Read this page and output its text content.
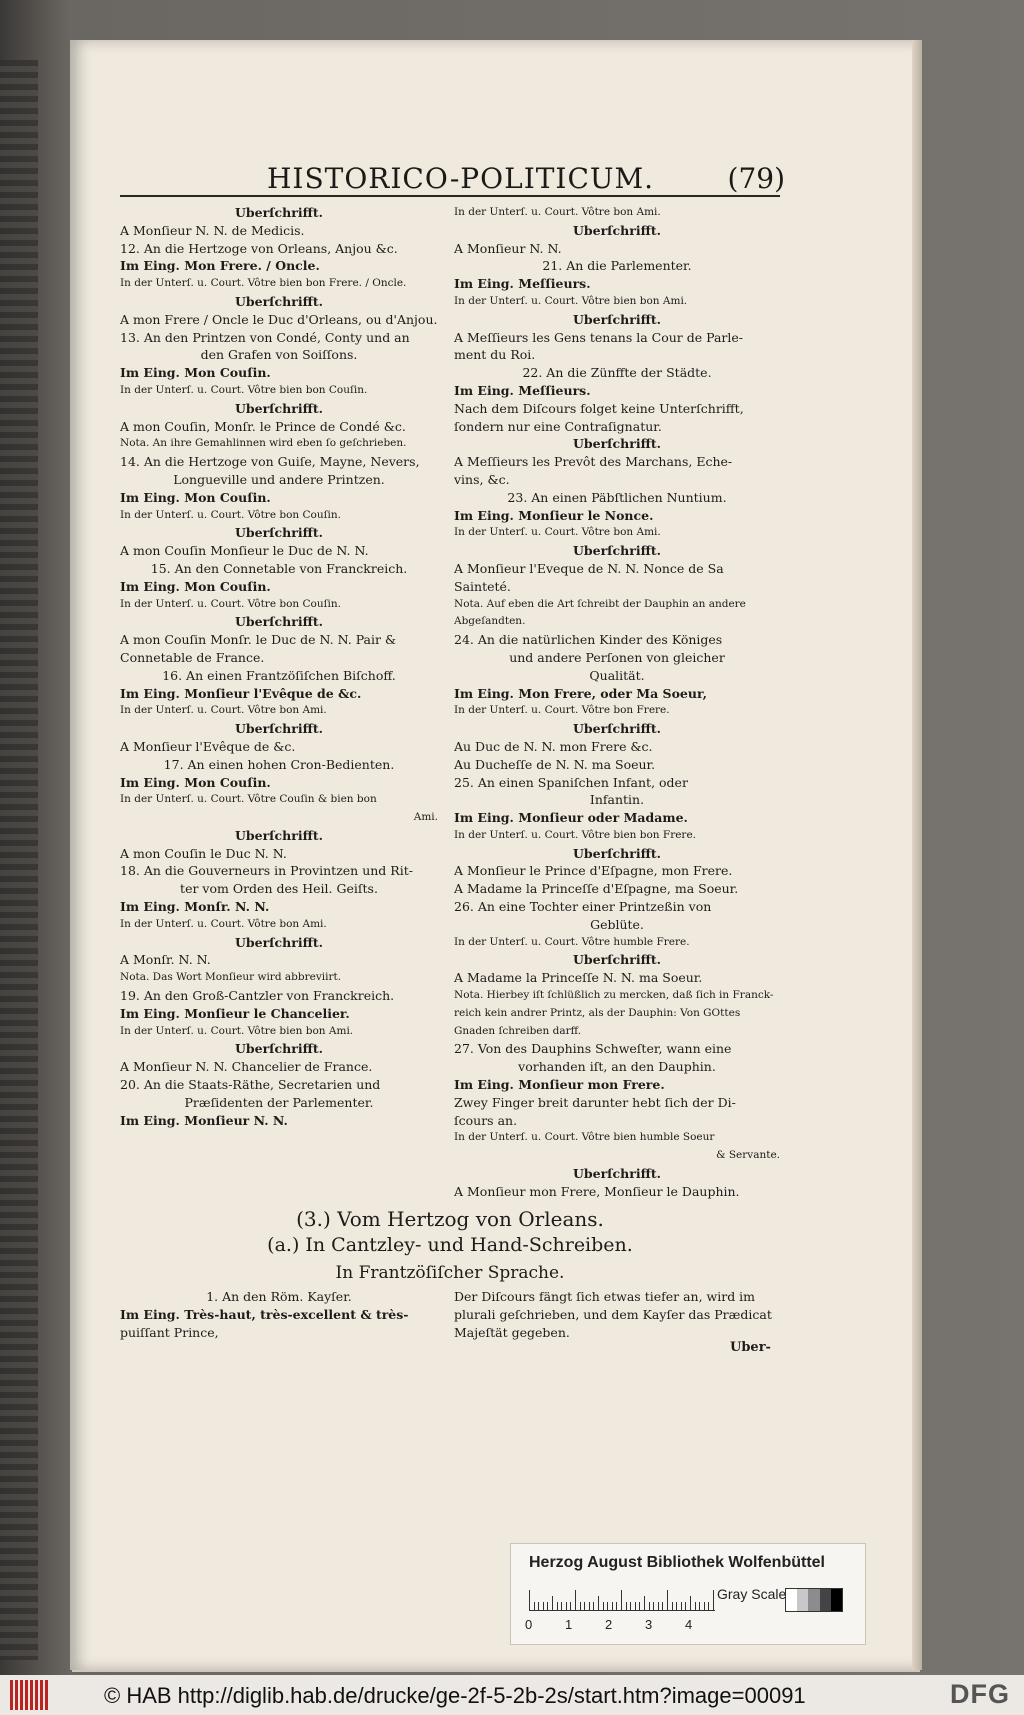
HISTORICO-POLITICUM.	(79)
Uberſchrifft.
A Monſieur N. N. de Medicis.
12. An die Hertzoge von Orleans, Anjou &c.
Im Eing. Mon Frere. / Oncle.
In der Unterſ. u. Court. Vôtre bien bon Frere. / Oncle.
Uberſchrifft.
A mon Frere / Oncle le Duc d'Orleans, ou d'Anjou.
13. An den Printzen von Condé, Conty und an
den Grafen von Soiſſons.
Im Eing. Mon Couſin.
In der Unterſ. u. Court. Vôtre bien bon Couſin.
Uberſchrifft.
A mon Couſin, Monſr. le Prince de Condé &c.
Nota. An ihre Gemahlinnen wird eben ſo geſchrieben.
14. An die Hertzoge von Guiſe, Mayne, Nevers,
Longueville und andere Printzen.
Im Eing. Mon Couſin.
In der Unterſ. u. Court. Vôtre bon Couſin.
Uberſchrifft.
A mon Couſin Monſieur le Duc de N. N.
15. An den Connetable von Franckreich.
Im Eing. Mon Couſin.
In der Unterſ. u. Court. Vôtre bon Couſin.
Uberſchrifft.
A mon Couſin Monſr. le Duc de N. N. Pair &
Connetable de France.
16. An einen Frantzöſiſchen Biſchoff.
Im Eing. Monſieur l'Evêque de &c.
In der Unterſ. u. Court. Vôtre bon Ami.
Uberſchrifft.
A Monſieur l'Evêque de &c.
17. An einen hohen Cron-Bedienten.
Im Eing. Mon Couſin.
In der Unterſ. u. Court. Vôtre Couſin & bien bon
Ami.
Uberſchrifft.
A mon Couſin le Duc N. N.
18. An die Gouverneurs in Provintzen und Rit-
ter vom Orden des Heil. Geiſts.
Im Eing. Monſr. N. N.
In der Unterſ. u. Court. Vôtre bon Ami.
Uberſchrifft.
A Monſr. N. N.
Nota. Das Wort Monſieur wird abbreviirt.
19. An den Groß-Cantzler von Franckreich.
Im Eing. Monſieur le Chancelier.
In der Unterſ. u. Court. Vôtre bien bon Ami.
Uberſchrifft.
A Monſieur N. N. Chancelier de France.
20. An die Staats-Räthe, Secretarien und
Præſidenten der Parlementer.
Im Eing. Monſieur N. N.
In der Unterſ. u. Court. Vôtre bon Ami.
Uberſchrifft.
A Monſieur N. N.
21. An die Parlementer.
Im Eing. Meſſieurs.
In der Unterſ. u. Court. Vôtre bien bon Ami.
Uberſchrifft.
A Meſſieurs les Gens tenans la Cour de Parle-
ment du Roi.
22. An die Zünffte der Städte.
Im Eing. Meſſieurs.
Nach dem Diſcours folget keine Unterſchrifft,
ſondern nur eine Contraſignatur.
Uberſchrifft.
A Meſſieurs les Prevôt des Marchans, Eche-
vins, &c.
23. An einen Päbſtlichen Nuntium.
Im Eing. Monſieur le Nonce.
In der Unterſ. u. Court. Vôtre bon Ami.
Uberſchrifft.
A Monſieur l'Eveque de N. N. Nonce de Sa
Sainteté.
Nota. Auf eben die Art ſchreibt der Dauphin an andere
Abgeſandten.
24. An die natürlichen Kinder des Königes
und andere Perſonen von gleicher
Qualität.
Im Eing. Mon Frere, oder Ma Soeur,
In der Unterſ. u. Court. Vôtre bon Frere.
Uberſchrifft.
Au Duc de N. N. mon Frere &c.
Au Ducheſſe de N. N. ma Soeur.
25. An einen Spaniſchen Infant, oder
Infantin.
Im Eing. Monſieur oder Madame.
In der Unterſ. u. Court. Vôtre bien bon Frere.
Uberſchrifft.
A Monſieur le Prince d'Eſpagne, mon Frere.
A Madame la Princeſſe d'Eſpagne, ma Soeur.
26. An eine Tochter einer Printzeßin von
Geblüte.
In der Unterſ. u. Court. Vôtre humble Frere.
Uberſchrifft.
A Madame la Princeſſe N. N. ma Soeur.
Nota. Hierbey iſt ſchlüßlich zu mercken, daß ſich in Franck-
reich kein andrer Printz, als der Dauphin: Von GOttes
Gnaden ſchreiben darff.
27. Von des Dauphins Schweſter, wann eine
vorhanden iſt, an den Dauphin.
Im Eing. Monſieur mon Frere.
Zwey Finger breit darunter hebt ſich der Di-
ſcours an.
In der Unterſ. u. Court. Vôtre bien humble Soeur
& Servante.
Uberſchrifft.
A Monſieur mon Frere, Monſieur le Dauphin.
(3.) Vom Hertzog von Orleans.
(a.) In Cantzley- und Hand-Schreiben.
In Frantzöſiſcher Sprache.
1. An den Röm. Kayſer.
Im Eing. Très-haut, très-excellent & très-
puiſſant Prince,
Der Diſcours fängt ſich etwas tiefer an, wird im
plurali geſchrieben, und dem Kayſer das Prædicat
Majeſtät gegeben.
Uber-
Herzog August Bibliothek Wolfenbüttel
0	1	2	3	4
Gray Scale
© HAB http://diglib.hab.de/drucke/ge-2f-5-2b-2s/start.htm?image=00091	DFG
